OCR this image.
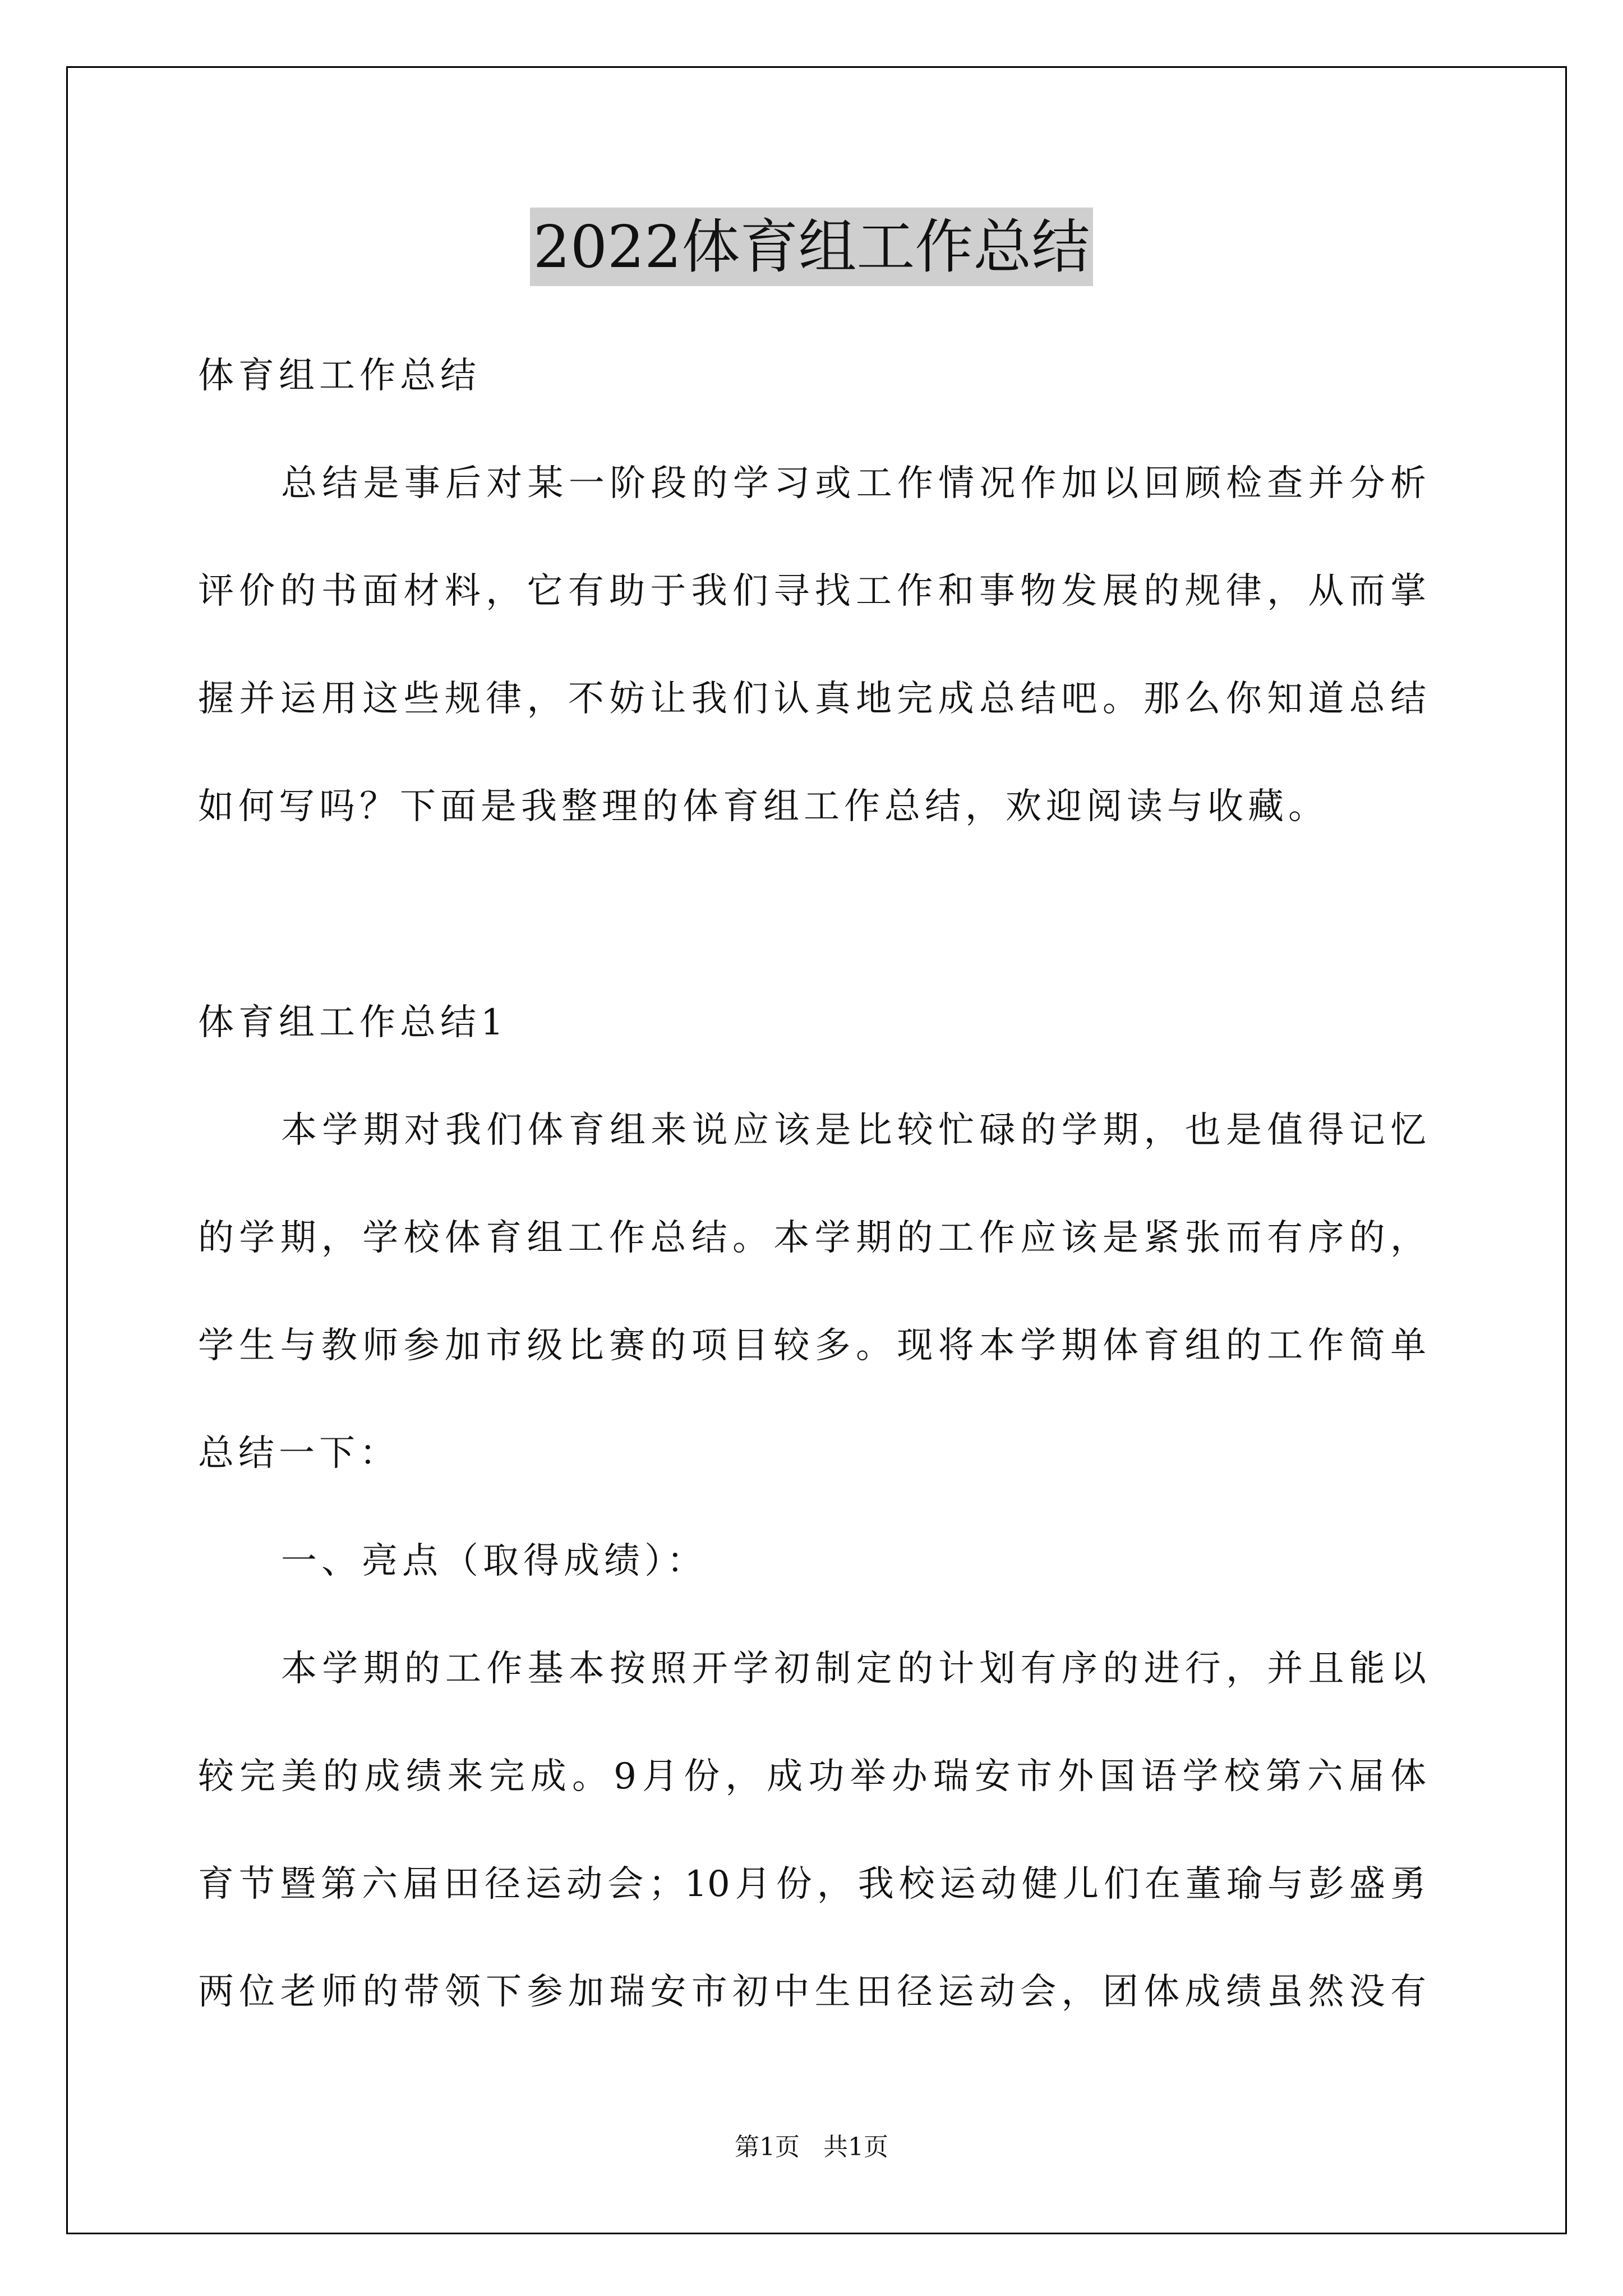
2022体育组工作总结
体育组工作总结
总结是事后对某一阶段的学习或工作情况作加以回顾检查并分析
评价的书面材料，它有助于我们寻找工作和事物发展的规律，从而掌
握并运用这些规律，不妨让我们认真地完成总结吧。那么你知道总结
如何写吗？下面是我整理的体育组工作总结，欢迎阅读与收藏。
体育组工作总结1
本学期对我们体育组来说应该是比较忙碌的学期，也是值得记忆
的学期，学校体育组工作总结。本学期的工作应该是紧张而有序的，
学生与教师参加市级比赛的项目较多。现将本学期体育组的工作简单
总结一下：
一、亮点（取得成绩）：
本学期的工作基本按照开学初制定的计划有序的进行，并且能以
较完美的成绩来完成。9月份，成功举办瑞安市外国语学校第六届体
育节暨第六届田径运动会；10月份，我校运动健儿们在董瑜与彭盛勇
两位老师的带领下参加瑞安市初中生田径运动会，团体成绩虽然没有
第1页 共1页
